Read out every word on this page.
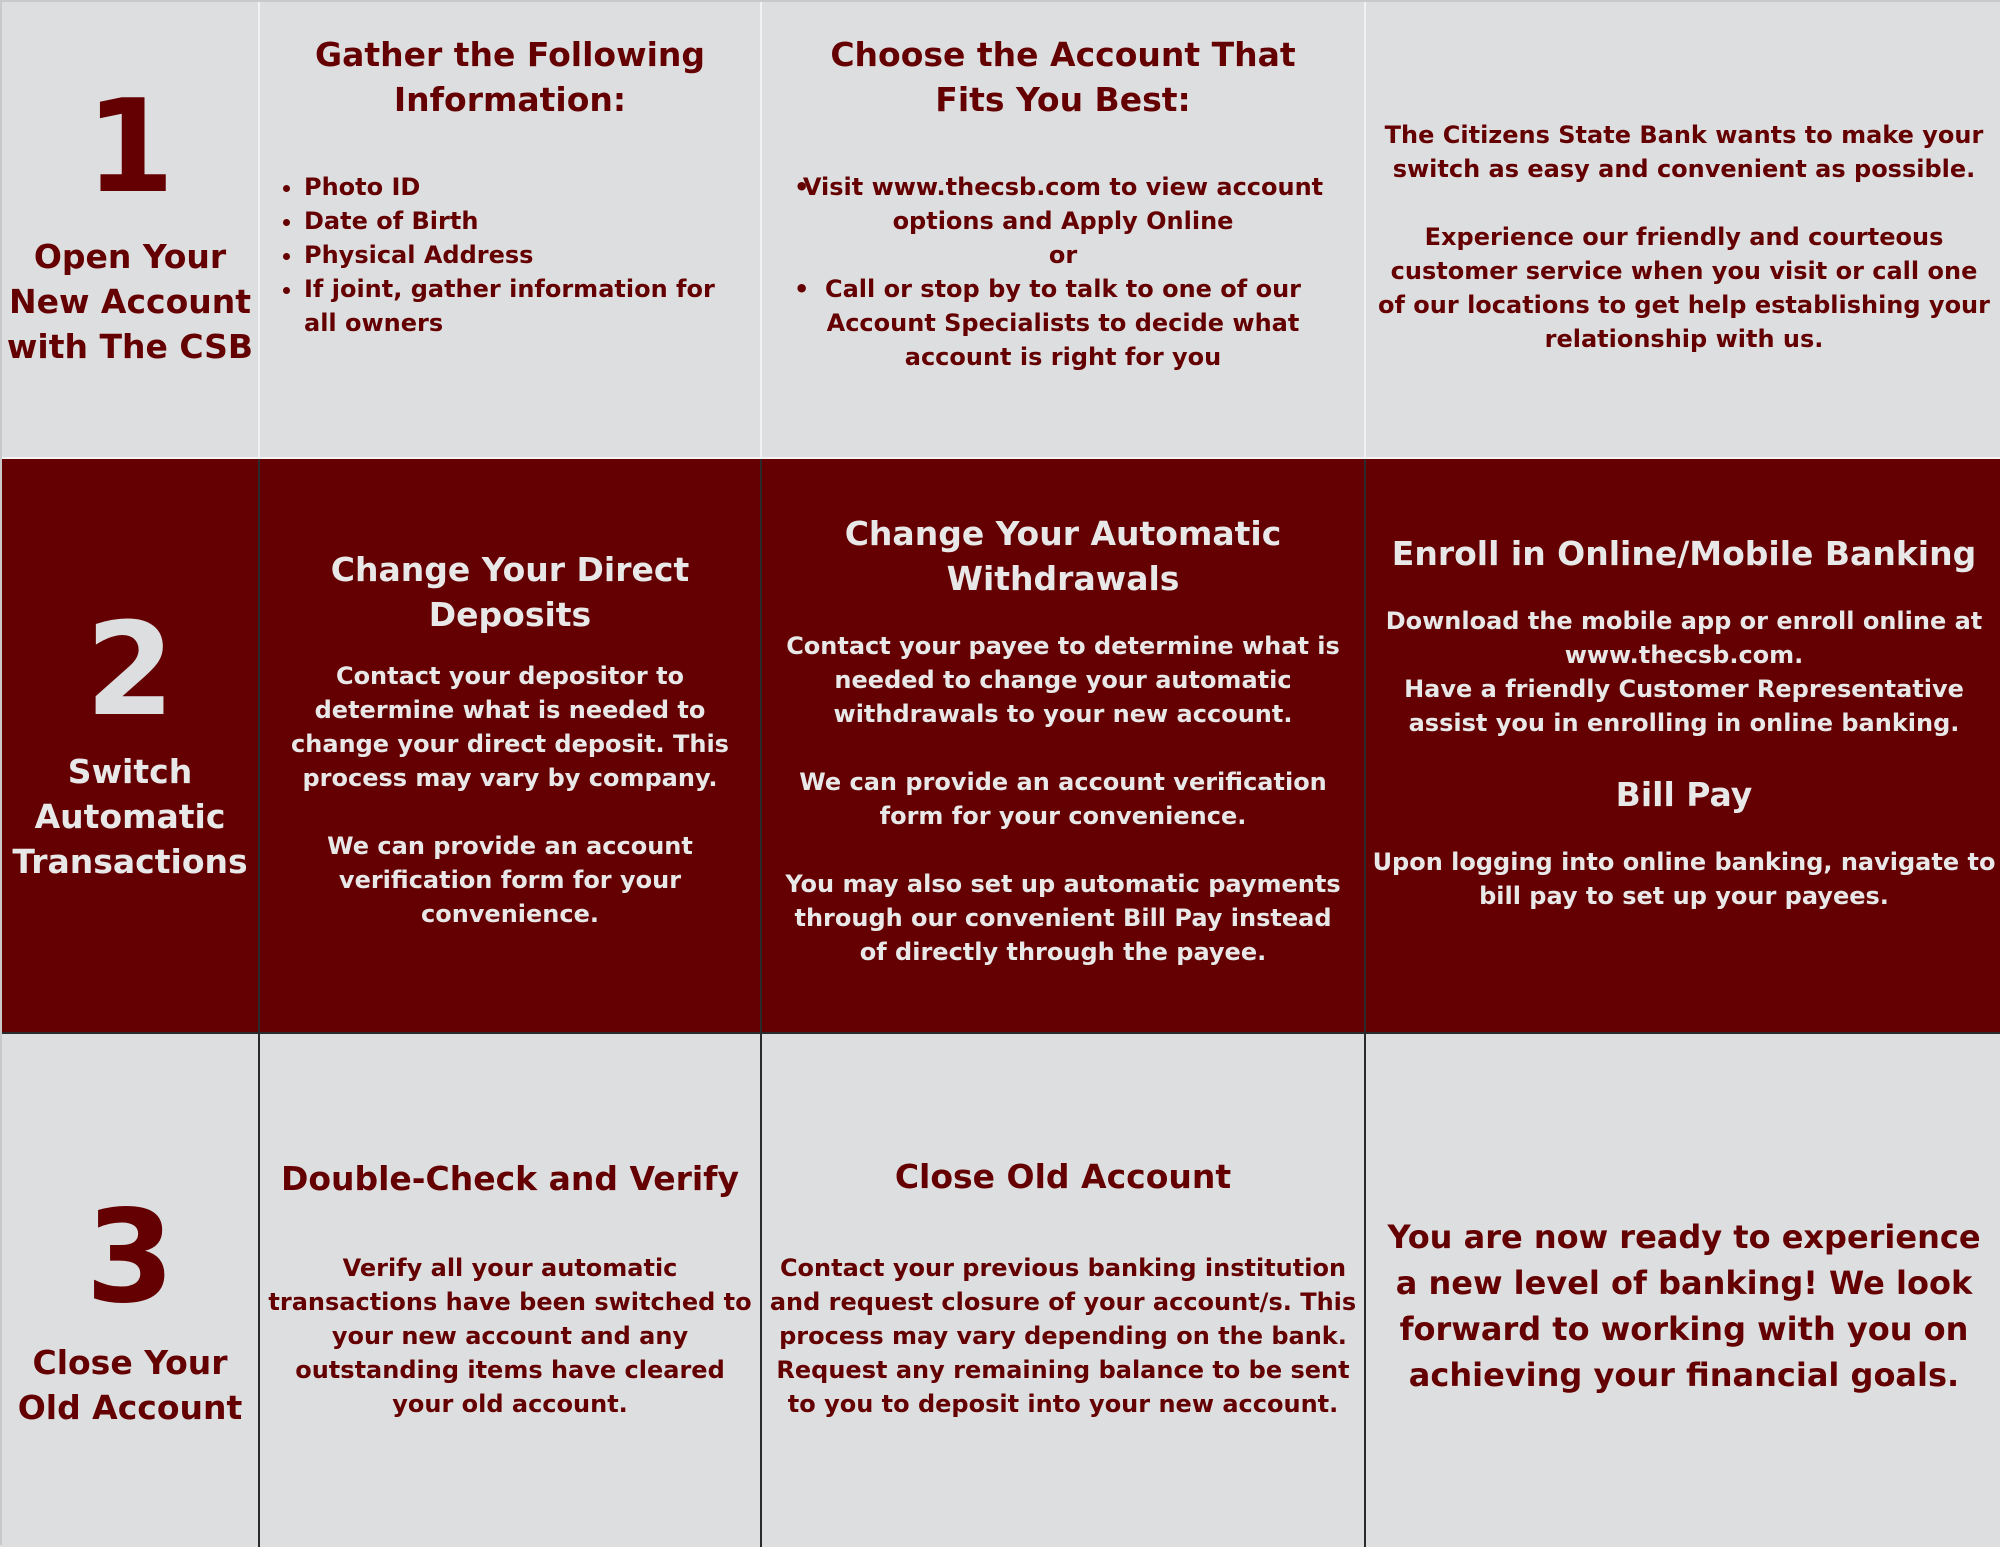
1

Open Your

New Account

with The CSB

Gather the Following

Information:

• Photo ID
• Date of Birth
• Physical Address
• If joint, gather information for all owners

Choose the Account That

Fits You Best:

• Visit www.thecsb.com to view account options and Apply Online
or
• Call or stop by to talk to one of our Account Specialists to decide what account is right for you

The Citizens State Bank wants to make your switch as easy and convenient as possible.

Experience our friendly and courteous customer service when you visit or call one of our locations to get help establishing your relationship with us.

2

Switch

Automatic

Transactions

Change Your Direct

Deposits

Contact your depositor to determine what is needed to change your direct deposit. This process may vary by company.

We can provide an account verification form for your convenience.

Change Your Automatic

Withdrawals

Contact your payee to determine what is needed to change your automatic withdrawals to your new account.

We can provide an account verification form for your convenience.

You may also set up automatic payments through our convenient Bill Pay instead of directly through the payee.

Enroll in Online/Mobile Banking

Download the mobile app or enroll online at www.thecsb.com.

Have a friendly Customer Representative assist you in enrolling in online banking.

Bill Pay

Upon logging into online banking, navigate to bill pay to set up your payees.

3

Close Your

Old Account

Double-Check and Verify

Verify all your automatic transactions have been switched to your new account and any outstanding items have cleared your old account.

Close Old Account

Contact your previous banking institution and request closure of your account/s. This process may vary depending on the bank. Request any remaining balance to be sent to you to deposit into your new account.

You are now ready to experience a new level of banking! We look forward to working with you on achieving your financial goals.
